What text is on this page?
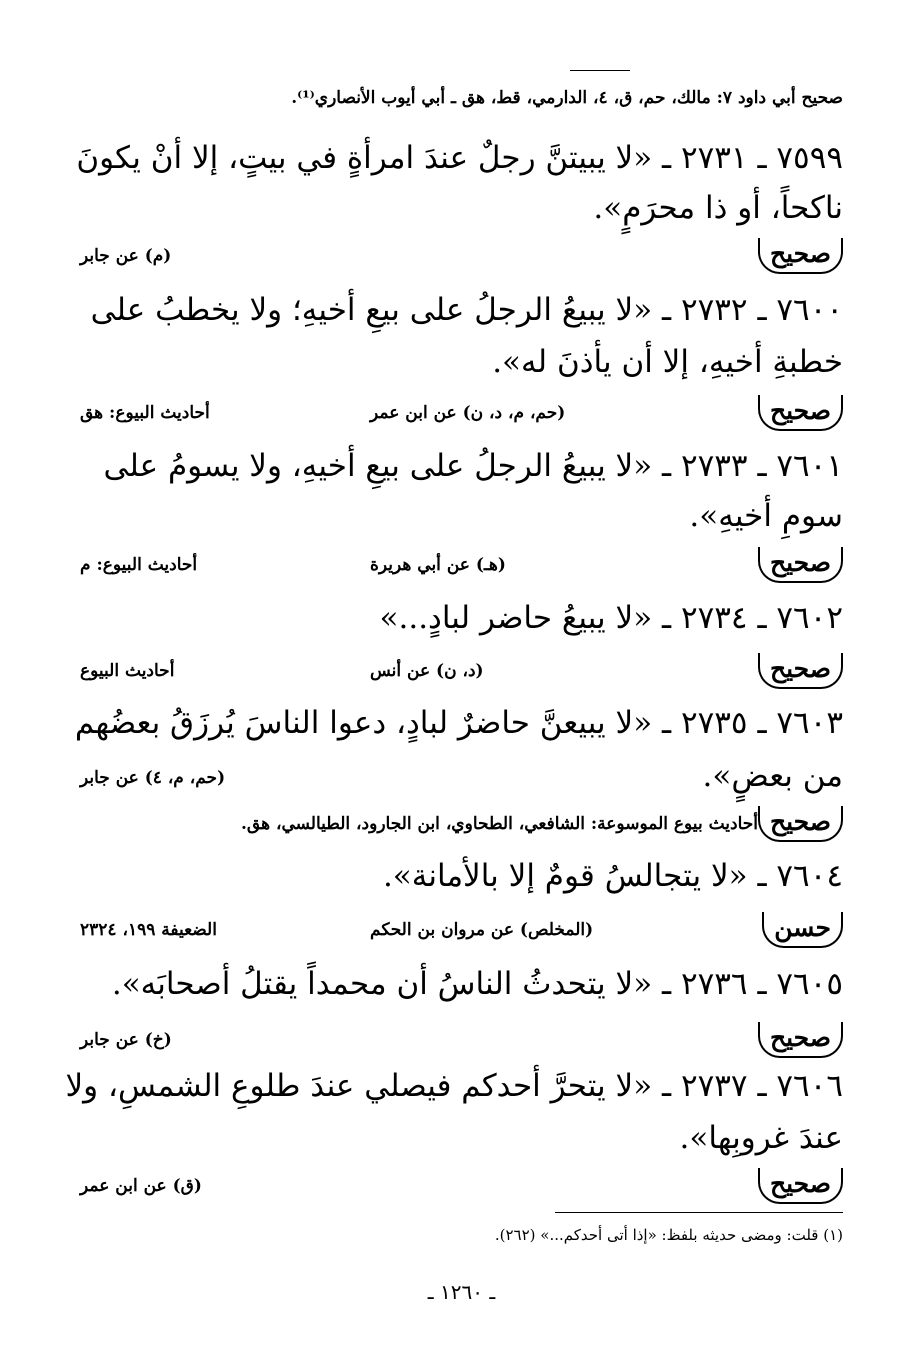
صحيح أبي داود ٧: مالك، حم، ق، ٤، الدارمي، قط، هق ـ أبي أيوب الأنصاري⁽¹⁾.
٧٥٩٩ ـ ٢٧٣١ ـ «لا يبيتنَّ رجلٌ عندَ امرأةٍ في بيتٍ، إلا أنْ يكونَ
ناكحاً، أو ذا محرَمٍ».
صحيح
(م) عن جابر
٧٦٠٠ ـ ٢٧٣٢ ـ «لا يبيعُ الرجلُ على بيعِ أخيهِ؛ ولا يخطبُ على
خطبةِ أخيهِ، إلا أن يأذنَ له».
صحيح
(حم، م، د، ن) عن ابن عمر
أحاديث البيوع: هق
٧٦٠١ ـ ٢٧٣٣ ـ «لا يبيعُ الرجلُ على بيعِ أخيهِ، ولا يسومُ على
سومِ أخيهِ».
صحيح
(هـ) عن أبي هريرة
أحاديث البيوع: م
٧٦٠٢ ـ ٢٧٣٤ ـ «لا يبيعُ حاضر لبادٍ...»
صحيح
(د، ن) عن أنس
أحاديث البيوع
٧٦٠٣ ـ ٢٧٣٥ ـ «لا يبيعنَّ حاضرٌ لبادٍ، دعوا الناسَ يُرزَقُ بعضُهم
من بعضٍ».
(حم، م، ٤) عن جابر
صحيح
أحاديث بيوع الموسوعة: الشافعي، الطحاوي، ابن الجارود، الطيالسي، هق.
٧٦٠٤ ـ «لا يتجالسُ قومٌ إلا بالأمانة».
حسن
(المخلص) عن مروان بن الحكم
الضعيفة ١٩٩، ٢٣٢٤
٧٦٠٥ ـ ٢٧٣٦ ـ «لا يتحدثُ الناسُ أن محمداً يقتلُ أصحابَه».
صحيح
(خ) عن جابر
٧٦٠٦ ـ ٢٧٣٧ ـ «لا يتحرَّ أحدكم فيصلي عندَ طلوعِ الشمسِ، ولا
عندَ غروبِها».
صحيح
(ق) عن ابن عمر
(١) قلت: ومضى حديثه بلفظ: «إذا أتى أحدكم...» (٢٦٢).
ـ ١٢٦٠ ـ
